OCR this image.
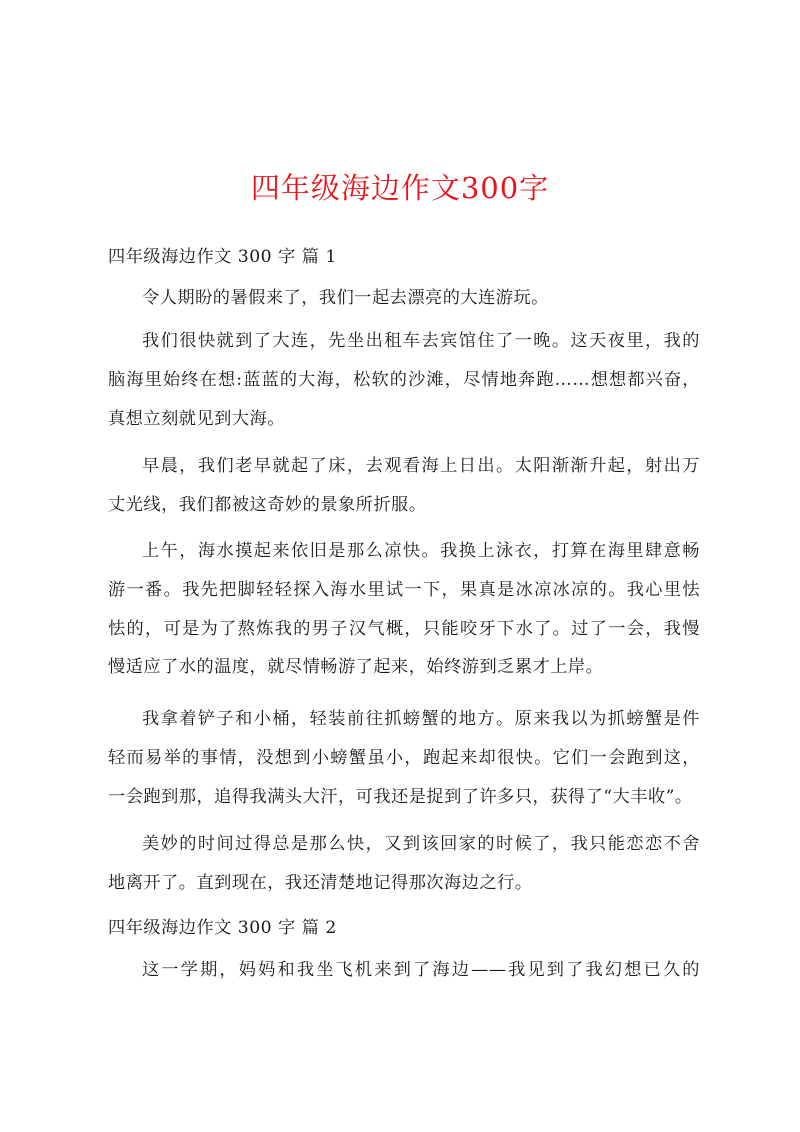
四年级海边作文300字
四年级海边作文 300 字 篇 1
令人期盼的暑假来了，我们一起去漂亮的大连游玩。
我们很快就到了大连，先坐出租车去宾馆住了一晚。这天夜里，我的
脑海里始终在想:蓝蓝的大海，松软的沙滩，尽情地奔跑……想想都兴奋，
真想立刻就见到大海。
早晨，我们老早就起了床，去观看海上日出。太阳渐渐升起，射出万
丈光线，我们都被这奇妙的景象所折服。
上午，海水摸起来依旧是那么凉快。我换上泳衣，打算在海里肆意畅
游一番。我先把脚轻轻探入海水里试一下，果真是冰凉冰凉的。我心里怯
怯的，可是为了熬炼我的男子汉气概，只能咬牙下水了。过了一会，我慢
慢适应了水的温度，就尽情畅游了起来，始终游到乏累才上岸。
我拿着铲子和小桶，轻装前往抓螃蟹的地方。原来我以为抓螃蟹是件
轻而易举的事情，没想到小螃蟹虽小，跑起来却很快。它们一会跑到这，
一会跑到那，追得我满头大汗，可我还是捉到了许多只，获得了“大丰收”。
美妙的时间过得总是那么快，又到该回家的时候了，我只能恋恋不舍
地离开了。直到现在，我还清楚地记得那次海边之行。
四年级海边作文 300 字 篇 2
这一学期，妈妈和我坐飞机来到了海边——我见到了我幻想已久的
